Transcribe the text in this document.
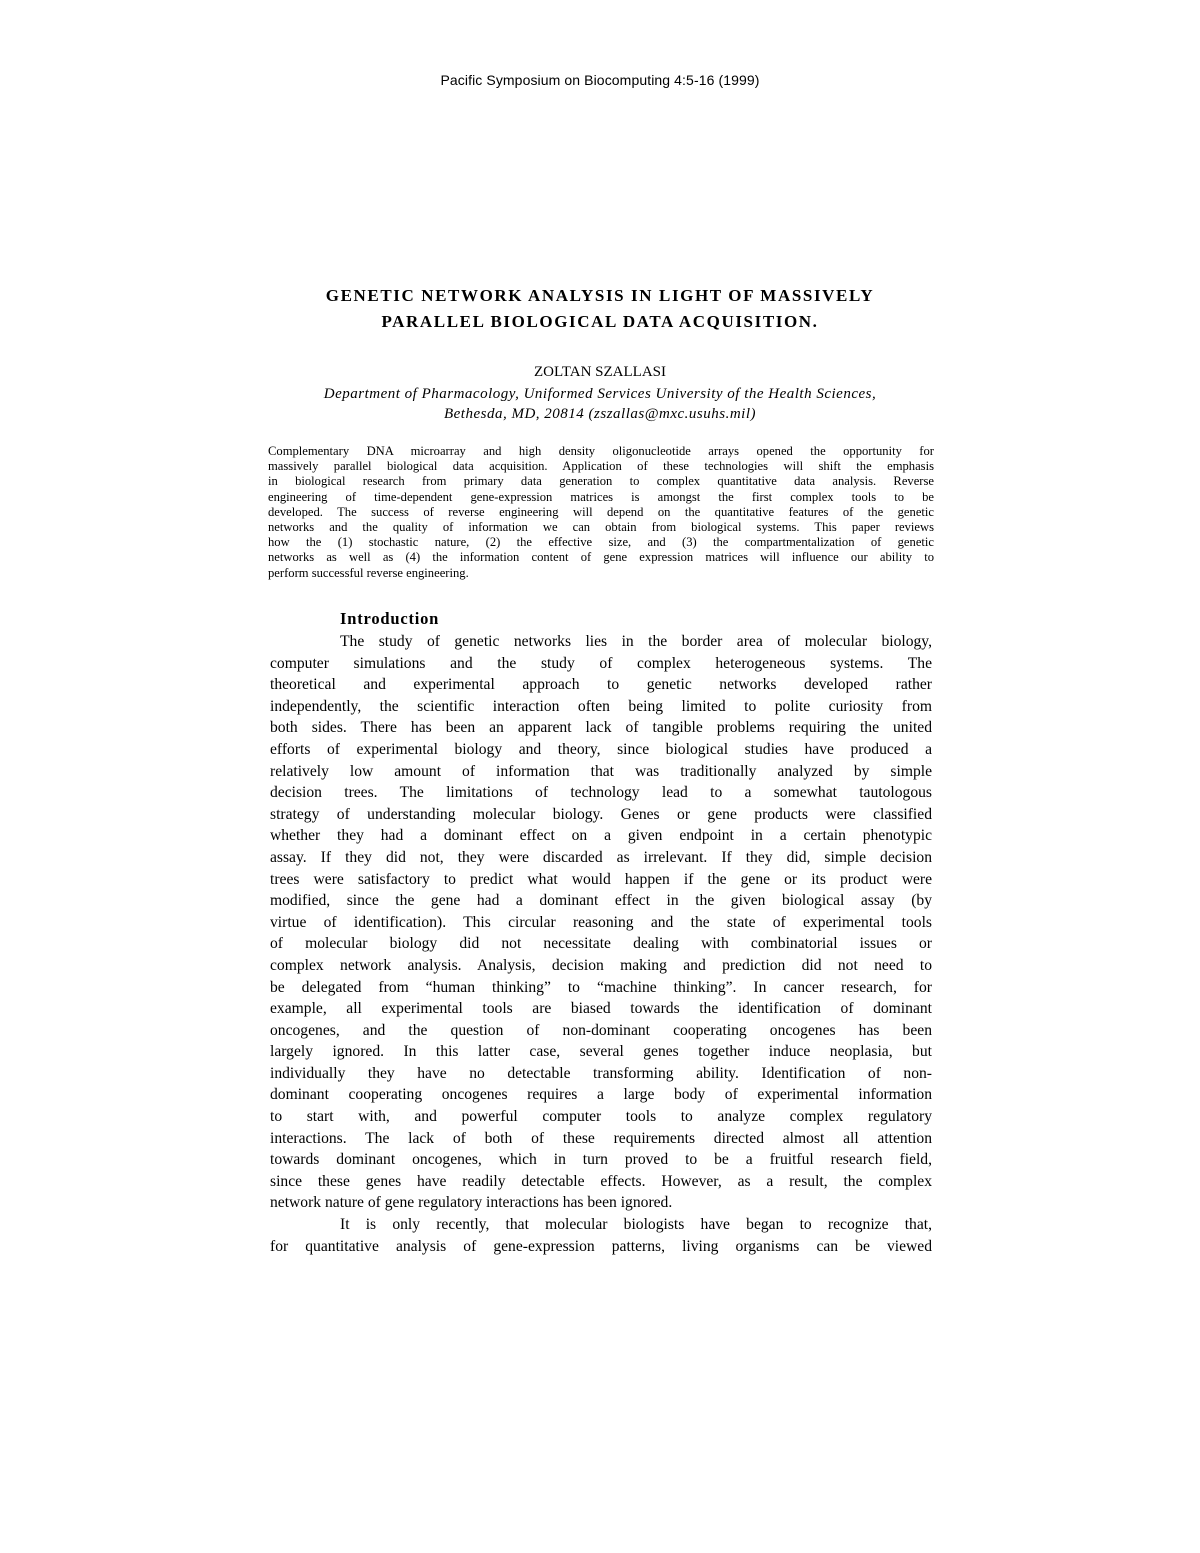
Pacific Symposium on Biocomputing 4:5-16 (1999)
GENETIC NETWORK ANALYSIS IN LIGHT OF MASSIVELY
PARALLEL BIOLOGICAL DATA ACQUISITION.
ZOLTAN SZALLASI
Department of Pharmacology, Uniformed Services University of the Health Sciences,
Bethesda, MD, 20814 (zszallas@mxc.usuhs.mil)
Complementary DNA microarray and high density oligonucleotide arrays opened the opportunity for
massively parallel biological data acquisition. Application of these technologies will shift the emphasis
in biological research from primary data generation to complex quantitative data analysis. Reverse
engineering of time-dependent gene-expression matrices is amongst the first complex tools to be
developed. The success of reverse engineering will depend on the quantitative features of the genetic
networks and the quality of information we can obtain from biological systems. This paper reviews
how the (1) stochastic nature, (2) the effective size, and (3) the compartmentalization of genetic
networks as well as (4) the information content of gene expression matrices will influence our ability to
perform successful reverse engineering.
Introduction
The study of genetic networks lies in the border area of molecular biology,
computer simulations and the study of complex heterogeneous systems. The
theoretical and experimental approach to genetic networks developed rather
independently, the scientific interaction often being limited to polite curiosity from
both sides. There has been an apparent lack of tangible problems requiring the united
efforts of experimental biology and theory, since biological studies have produced a
relatively low amount of information that was traditionally analyzed by simple
decision trees. The limitations of technology lead to a somewhat tautologous
strategy of understanding molecular biology. Genes or gene products were classified
whether they had a dominant effect on a given endpoint in a certain phenotypic
assay. If they did not, they were discarded as irrelevant. If they did, simple decision
trees were satisfactory to predict what would happen if the gene or its product were
modified, since the gene had a dominant effect in the given biological assay (by
virtue of identification). This circular reasoning and the state of experimental tools
of molecular biology did not necessitate dealing with combinatorial issues or
complex network analysis. Analysis, decision making and prediction did not need to
be delegated from “human thinking” to “machine thinking”. In cancer research, for
example, all experimental tools are biased towards the identification of dominant
oncogenes, and the question of non-dominant cooperating oncogenes has been
largely ignored. In this latter case, several genes together induce neoplasia, but
individually they have no detectable transforming ability. Identification of non-
dominant cooperating oncogenes requires a large body of experimental information
to start with, and powerful computer tools to analyze complex regulatory
interactions. The lack of both of these requirements directed almost all attention
towards dominant oncogenes, which in turn proved to be a fruitful research field,
since these genes have readily detectable effects. However, as a result, the complex
network nature of gene regulatory interactions has been ignored.
It is only recently, that molecular biologists have began to recognize that,
for quantitative analysis of gene-expression patterns, living organisms can be viewed
